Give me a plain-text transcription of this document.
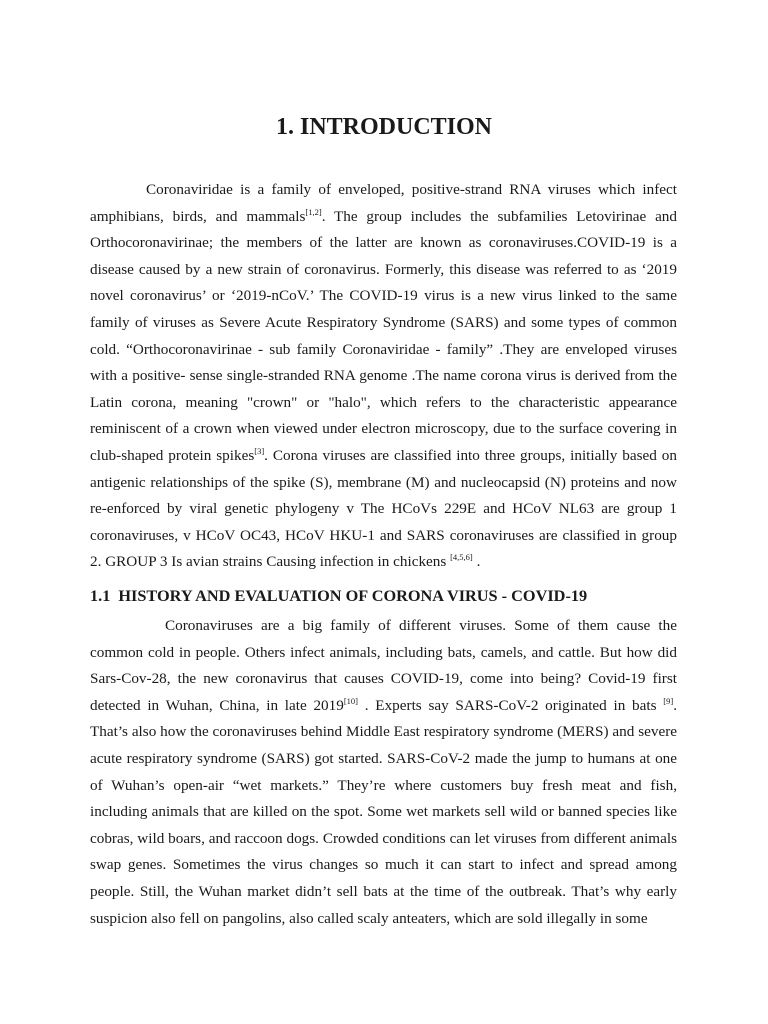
1. INTRODUCTION

Coronaviridae is a family of enveloped, positive-strand RNA viruses which infect amphibians, birds, and mammals[1,2]. The group includes the subfamilies Letovirinae and Orthocoronavirinae; the members of the latter are known as coronaviruses.COVID-19 is a disease caused by a new strain of coronavirus. Formerly, this disease was referred to as ‘2019 novel coronavirus’ or ‘2019-nCoV.’ The COVID-19 virus is a new virus linked to the same family of viruses as Severe Acute Respiratory Syndrome (SARS) and some types of common cold. “Orthocoronavirinae - sub family Coronaviridae - family” .They are enveloped viruses with a positive- sense single-stranded RNA genome .The name corona virus is derived from the Latin corona, meaning "crown" or "halo", which refers to the characteristic appearance reminiscent of a crown when viewed under electron microscopy, due to the surface covering in club-shaped protein spikes[3]. Corona viruses are classified into three groups, initially based on antigenic relationships of the spike (S), membrane (M) and nucleocapsid (N) proteins and now re-enforced by viral genetic phylogeny v The HCoVs 229E and HCoV NL63 are group 1 coronaviruses, v HCoV OC43, HCoV HKU-1 and SARS coronaviruses are classified in group 2. GROUP 3 Is avian strains Causing infection in chickens [4,5,6] .

1.1 HISTORY AND EVALUATION OF CORONA VIRUS - COVID-19

Coronaviruses are a big family of different viruses. Some of them cause the common cold in people. Others infect animals, including bats, camels, and cattle. But how did Sars-Cov-28, the new coronavirus that causes COVID-19, come into being? Covid-19 first detected in Wuhan, China, in late 2019[10] . Experts say SARS-CoV-2 originated in bats [9]. That’s also how the coronaviruses behind Middle East respiratory syndrome (MERS) and severe acute respiratory syndrome (SARS) got started. SARS-CoV-2 made the jump to humans at one of Wuhan’s open-air “wet markets.” They’re where customers buy fresh meat and fish, including animals that are killed on the spot. Some wet markets sell wild or banned species like cobras, wild boars, and raccoon dogs. Crowded conditions can let viruses from different animals swap genes. Sometimes the virus changes so much it can start to infect and spread among people. Still, the Wuhan market didn’t sell bats at the time of the outbreak. That’s why early suspicion also fell on pangolins, also called scaly anteaters, which are sold illegally in some
